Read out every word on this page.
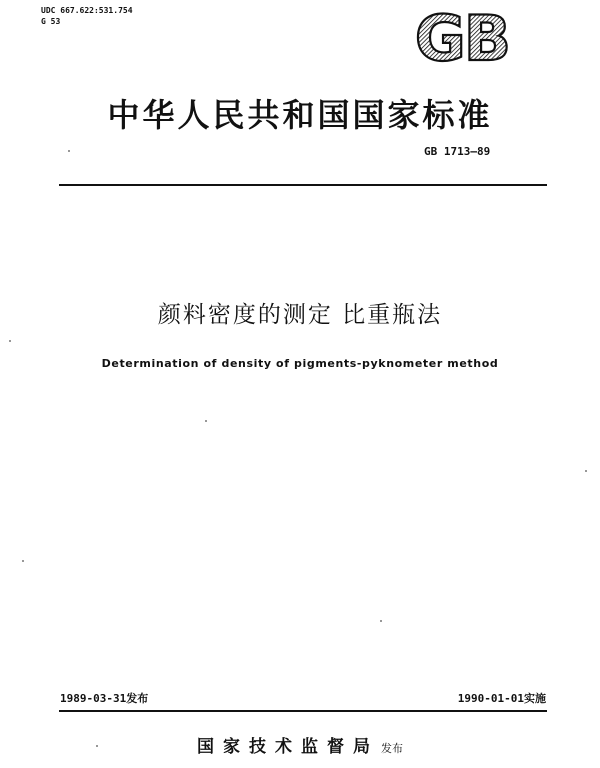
UDC 667.622:531.754
G 53	GB
中华人民共和国国家标准
GB 1713—89
颜料密度的测定 比重瓶法
Determination of density of pigments-pyknometer method
1989-03-31发布	1990-01-01实施
国家技术监督局 发布
